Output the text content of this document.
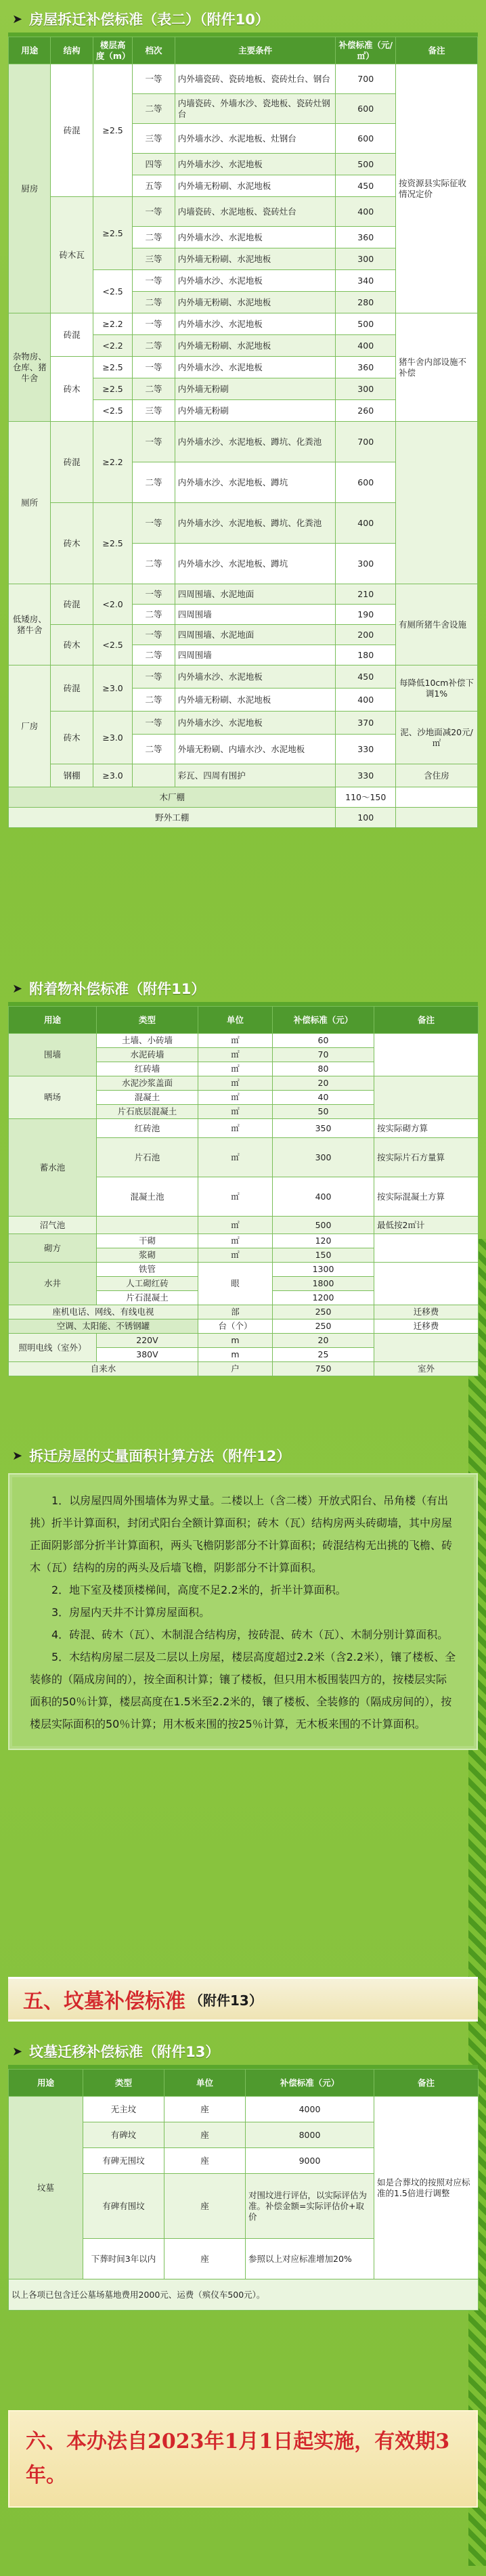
➤ 房屋拆迁补偿标准（表二）（附件10）
用途	结构	楼层高度（m）	档次	主要条件	补偿标准（元/㎡）	备注
厨房	砖混	≥2.5	一等	内外墙瓷砖、瓷砖地板、瓷砖灶台、钢台	700	按资源县实际征收情况定价
			二等	内墙瓷砖、外墙水沙、瓷地板、瓷砖灶钢台	600	
			三等	内外墙水沙、水泥地板、灶钢台	600	
			四等	内外墙水沙、水泥地板	500	
			五等	内外墙无粉刷、水泥地板	450	
	砖木瓦	≥2.5	一等	内墙瓷砖、水泥地板、瓷砖灶台	400	
			二等	内外墙水沙、水泥地板	360	
			三等	内外墙无粉刷、水泥地板	300	
		<2.5	一等	内外墙水沙、水泥地板	340	
			二等	内外墙无粉刷、水泥地板	280	
杂物房、仓库、猪牛舍	砖混	≥2.2	一等	内外墙水沙、水泥地板	500	猪牛舍内部设施不补偿
		<2.2	二等	内外墙无粉刷、水泥地板	400	
	砖木	≥2.5	一等	内外墙水沙、水泥地板	360	
		≥2.5	二等	内外墙无粉刷	300	
		<2.5	三等	内外墙无粉刷	260	
厕所	砖混	≥2.2	一等	内外墙水沙、水泥地板、蹲坑、化粪池	700	
			二等	内外墙水沙、水泥地板、蹲坑	600	
	砖木	≥2.5	一等	内外墙水沙、水泥地板、蹲坑、化粪池	400	
			二等	内外墙水沙、水泥地板、蹲坑	300	
低矮房、猪牛舍	砖混	<2.0	一等	四周围墙、水泥地面	210	有厕所猪牛舍设施
			二等	四周围墙	190	
	砖木	<2.5	一等	四周围墙、水泥地面	200	
			二等	四周围墙	180	
厂房	砖混	≥3.0	一等	内外墙水沙、水泥地板	450	每降低10cm补偿下调1%
			二等	内外墙无粉刷、水泥地板	400	
	砖木	≥3.0	一等	内外墙水沙、水泥地板	370	泥、沙地面减20元/㎡
			二等	外墙无粉刷、内墙水沙、水泥地板	330	
	钢棚	≥3.0		彩瓦、四周有围护	330	含住房
木厂棚					110～150	
野外工棚					100	
➤ 附着物补偿标准（附件11）
用途	类型	单位	补偿标准（元）	备注
围墙	土墙、小砖墙	㎡	60	
	水泥砖墙	㎡	70	
	红砖墙	㎡	80	
晒场	水泥沙浆盖面	㎡	20	
	混凝土	㎡	40	
	片石底层混凝土	㎡	50	
蓄水池	红砖池	㎡	350	按实际砌方算
	片石池	㎡	300	按实际片石方量算
	混凝土池	㎡	400	按实际混凝土方算
沼气池		㎡	500	最低按2㎡计
砌方	干砌	㎡	120	
	浆砌	㎡	150	
水井	铁管	眼	1300	
	人工砌红砖		1800	
	片石混凝土		1200	
座机电话、网线、有线电视		部	250	迁移费
空调、太阳能、不锈钢罐		台（个）	250	迁移费
照明电线（室外）	220V	m	20	
	380V	m	25	
自来水		户	750	室外
➤ 拆迁房屋的丈量面积计算方法（附件12）

1．以房屋四周外围墙体为界丈量。二楼以上（含二楼）开放式阳台、吊角楼（有出挑）折半计算面积，封闭式阳台全额计算面积；砖木（瓦）结构房两头砖砌墙，其中房屋正面阴影部分折半计算面积，两头飞檐阴影部分不计算面积；砖混结构无出挑的飞檐、砖木（瓦）结构的房的两头及后墙飞檐，阴影部分不计算面积。

2．地下室及楼顶楼梯间，高度不足2.2米的，折半计算面积。

3．房屋内天井不计算房屋面积。

4．砖混、砖木（瓦）、木制混合结构房，按砖混、砖木（瓦）、木制分别计算面积。

5．木结构房屋二层及二层以上房屋，楼层高度超过2.2米（含2.2米），镶了楼板、全装修的（隔成房间的），按全面积计算；镶了楼板，但只用木板围装四方的，按楼层实际面积的50％计算，楼层高度在1.5米至2.2米的，镶了楼板、全装修的（隔成房间的），按楼层实际面积的50％计算；用木板来围的按25％计算，无木板来围的不计算面积。

五、坟墓补偿标准 （附件13）
➤ 坟墓迁移补偿标准（附件13）
用途	类型	单位	补偿标准（元）	备注
坟墓	无主坟	座	4000	如是合葬坟的按照对应标准的1.5倍进行调整
	有碑坟	座	8000	
	有碑无围坟	座	9000	
	有碑有围坟	座	对围坟进行评估，以实际评估为准。补偿金额=实际评估价+取价	
	下葬时间3年以内	座	参照以上对应标准增加20%	
以上各项已包含迁公墓场墓地费用2000元、运费（殡仪车500元）。				
六、本办法自2023年1月1日起实施，有效期3年。
